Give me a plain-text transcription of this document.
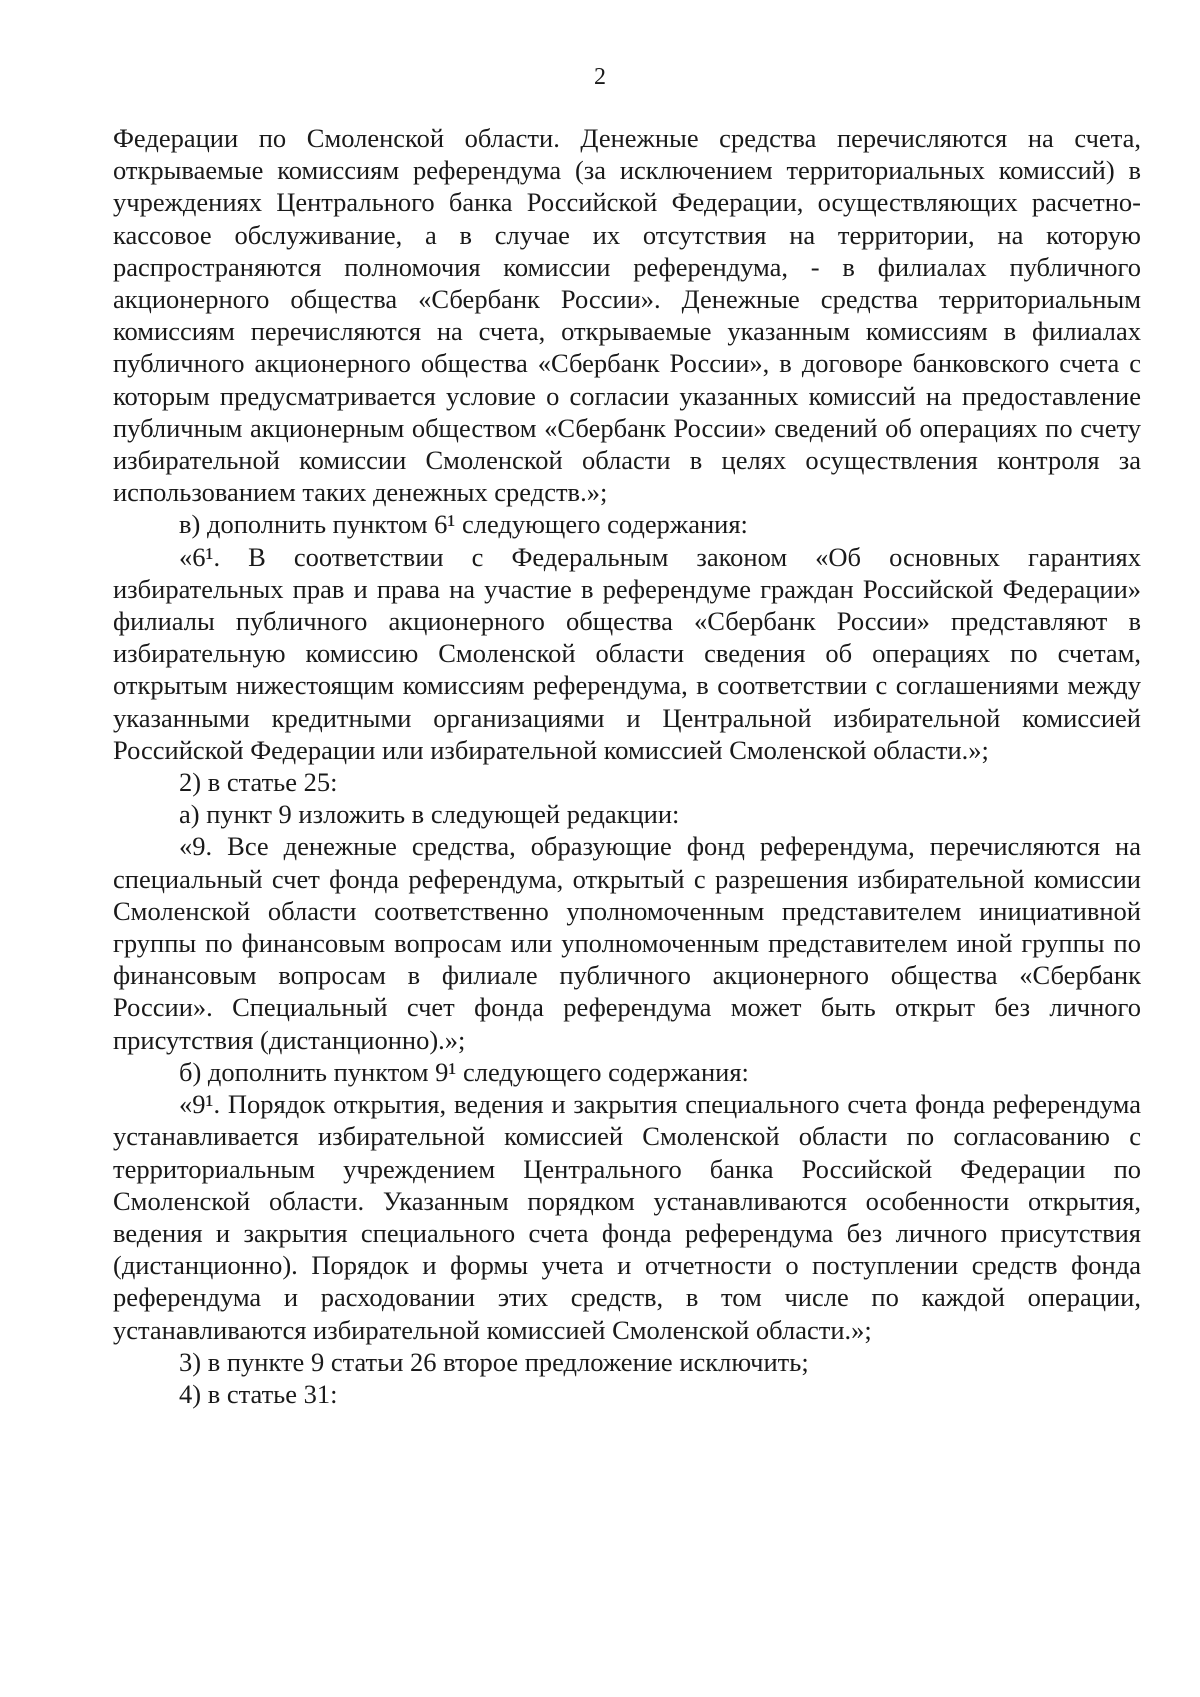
2

Федерации по Смоленской области. Денежные средства перечисляются на счета, открываемые комиссиям референдума (за исключением территориальных комиссий) в учреждениях Центрального банка Российской Федерации, осуществляющих расчетно-кассовое обслуживание, а в случае их отсутствия на территории, на которую распространяются полномочия комиссии референдума, - в филиалах публичного акционерного общества «Сбербанк России». Денежные средства территориальным комиссиям перечисляются на счета, открываемые указанным комиссиям в филиалах публичного акционерного общества «Сбербанк России», в договоре банковского счета с которым предусматривается условие о согласии указанных комиссий на предоставление публичным акционерным обществом «Сбербанк России» сведений об операциях по счету избирательной комиссии Смоленской области в целях осуществления контроля за использованием таких денежных средств.»;

в) дополнить пунктом 6¹ следующего содержания:

«6¹. В соответствии с Федеральным законом «Об основных гарантиях избирательных прав и права на участие в референдуме граждан Российской Федерации» филиалы публичного акционерного общества «Сбербанк России» представляют в избирательную комиссию Смоленской области сведения об операциях по счетам, открытым нижестоящим комиссиям референдума, в соответствии с соглашениями между указанными кредитными организациями и Центральной избирательной комиссией Российской Федерации или избирательной комиссией Смоленской области.»;

2) в статье 25:

а) пункт 9 изложить в следующей редакции:

«9. Все денежные средства, образующие фонд референдума, перечисляются на специальный счет фонда референдума, открытый с разрешения избирательной комиссии Смоленской области соответственно уполномоченным представителем инициативной группы по финансовым вопросам или уполномоченным представителем иной группы по финансовым вопросам в филиале публичного акционерного общества «Сбербанк России». Специальный счет фонда референдума может быть открыт без личного присутствия (дистанционно).»;

б) дополнить пунктом 9¹ следующего содержания:

«9¹. Порядок открытия, ведения и закрытия специального счета фонда референдума устанавливается избирательной комиссией Смоленской области по согласованию с территориальным учреждением Центрального банка Российской Федерации по Смоленской области. Указанным порядком устанавливаются особенности открытия, ведения и закрытия специального счета фонда референдума без личного присутствия (дистанционно). Порядок и формы учета и отчетности о поступлении средств фонда референдума и расходовании этих средств, в том числе по каждой операции, устанавливаются избирательной комиссией Смоленской области.»;

3) в пункте 9 статьи 26 второе предложение исключить;

4) в статье 31:
